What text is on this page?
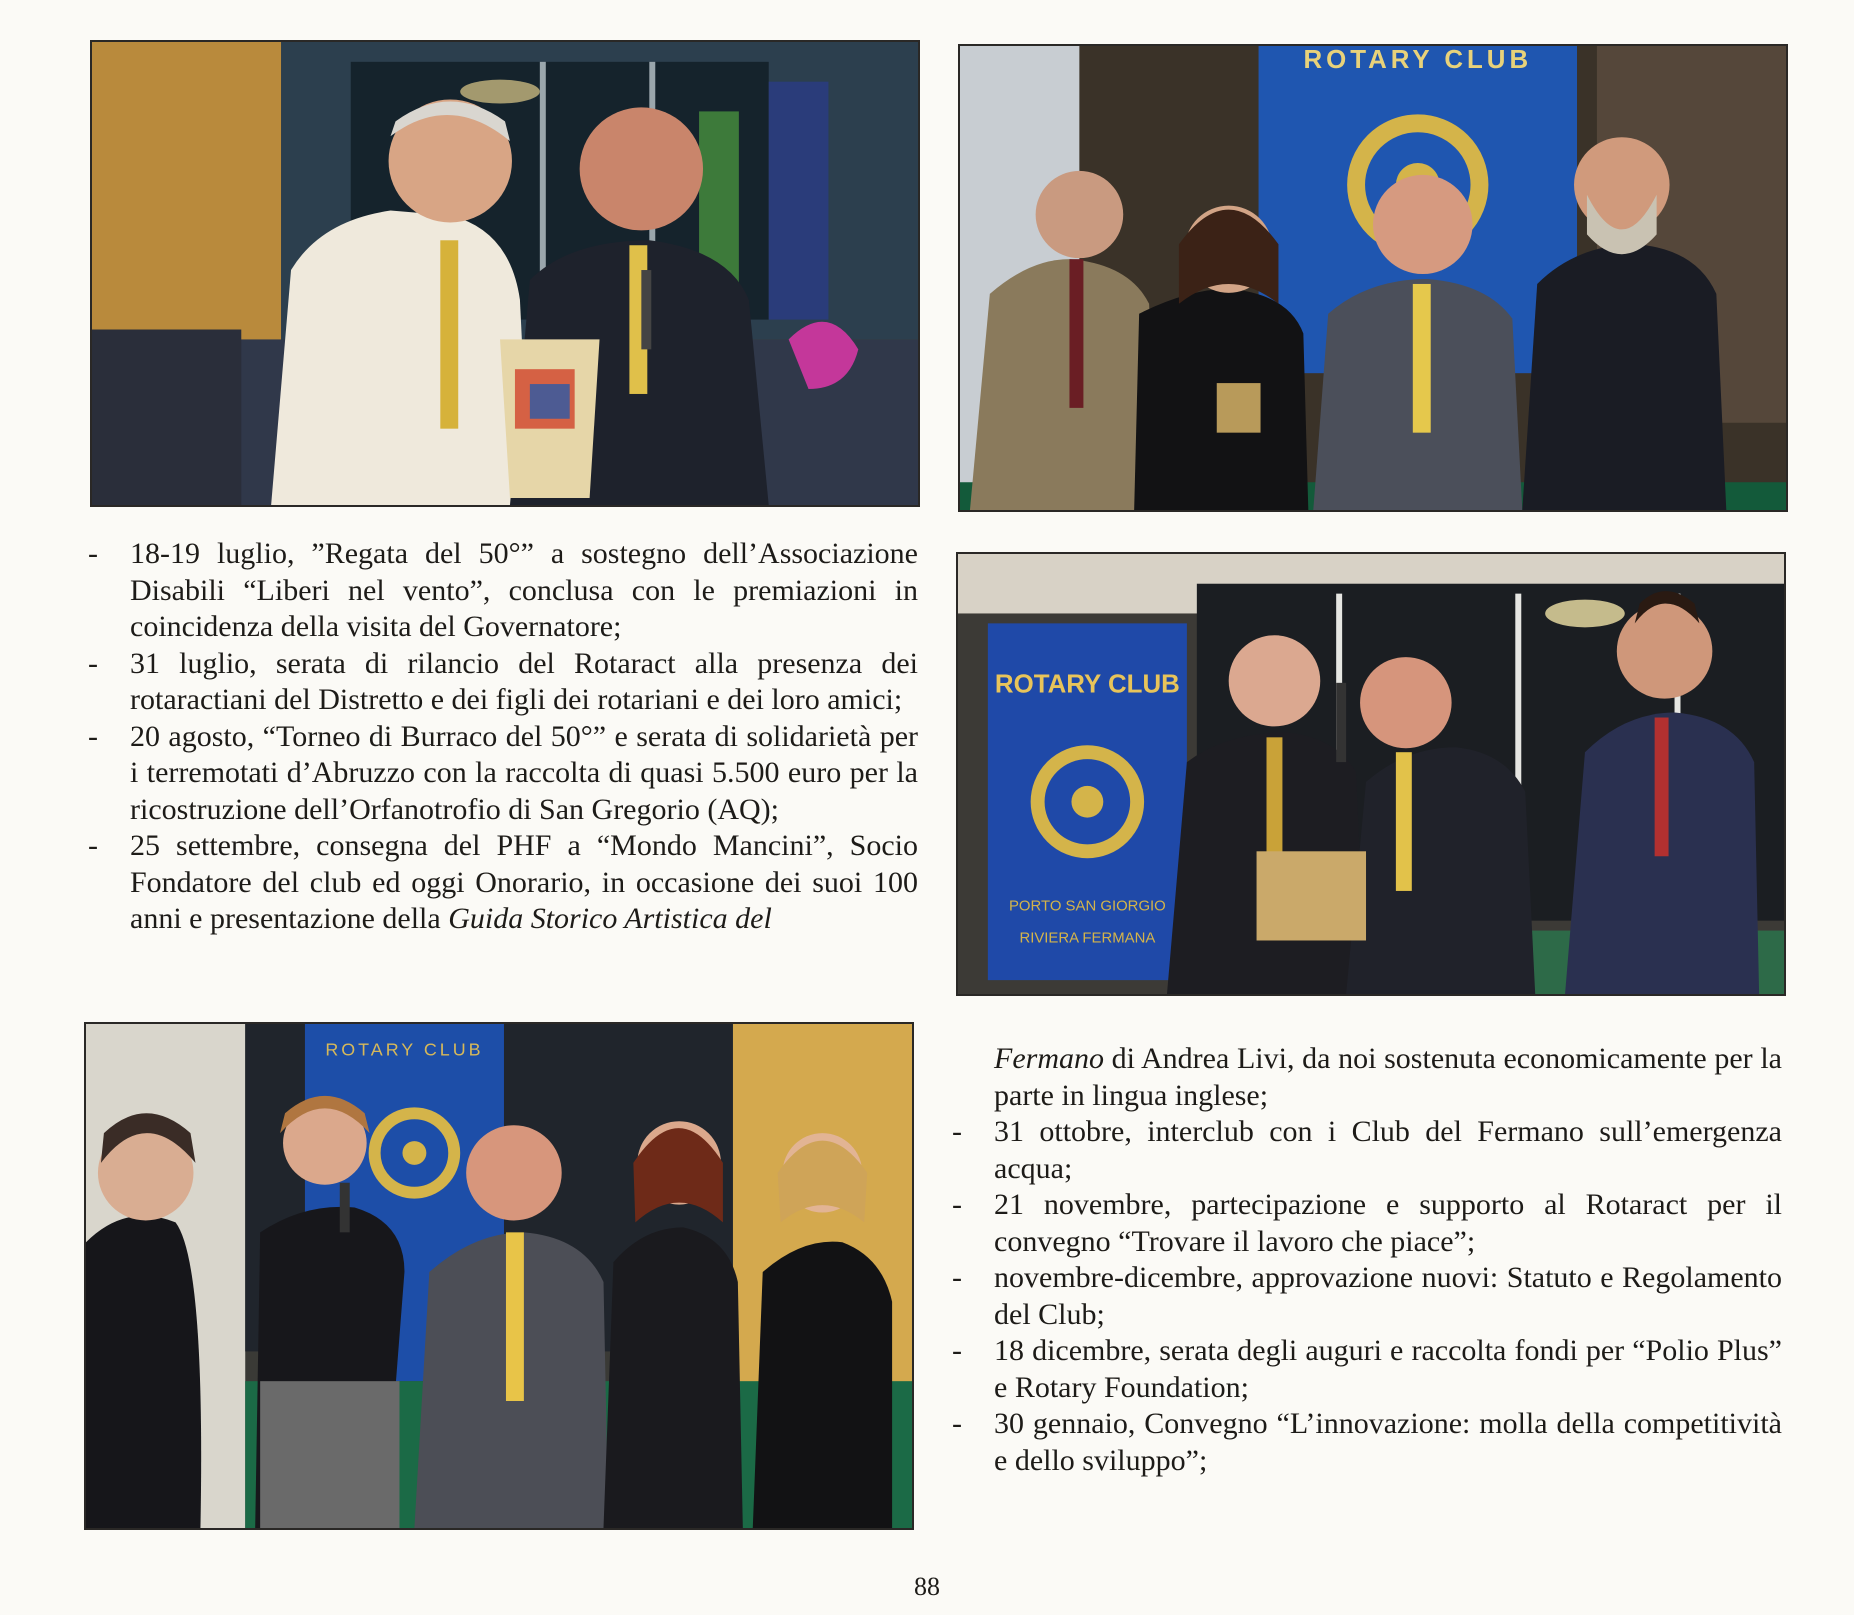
ROTARY CLUB
ROTARY CLUB
PORTO SAN GIORGIO
RIVIERA FERMANA
ROTARY CLUB
- 18-19 luglio, ”Regata del 50°” a sostegno dell’Associazione Disabili “Liberi nel vento”, conclusa con le premiazioni in coincidenza della visita del Governatore;
- 31 luglio, serata di rilancio del Rotaract alla presenza dei rotaractiani del Distretto e dei figli dei rotariani e dei loro amici;
- 20 agosto, “Torneo di Burraco del 50°” e serata di solidarietà per i terremotati d’Abruzzo con la raccolta di quasi 5.500 euro per la ricostruzione dell’Orfanotrofio di San Gregorio (AQ);
- 25 settembre, consegna del PHF a “Mondo Mancini”, Socio Fondatore del club ed oggi Onorario, in occasione dei suoi 100 anni e presentazione della Guida Storico Artistica del

Fermano di Andrea Livi, da noi sostenuta economicamente per la parte in lingua inglese;

- 31 ottobre, interclub con i Club del Fermano sull’emergenza acqua;
- 21 novembre, partecipazione e supporto al Rotaract per il convegno “Trovare il lavoro che piace”;
- novembre-dicembre, approvazione nuovi: Statuto e Regolamento del Club;
- 18 dicembre, serata degli auguri e raccolta fondi per “Polio Plus” e Rotary Foundation;
- 30 gennaio, Convegno “L’innovazione: molla della competitività e dello sviluppo”;
88
